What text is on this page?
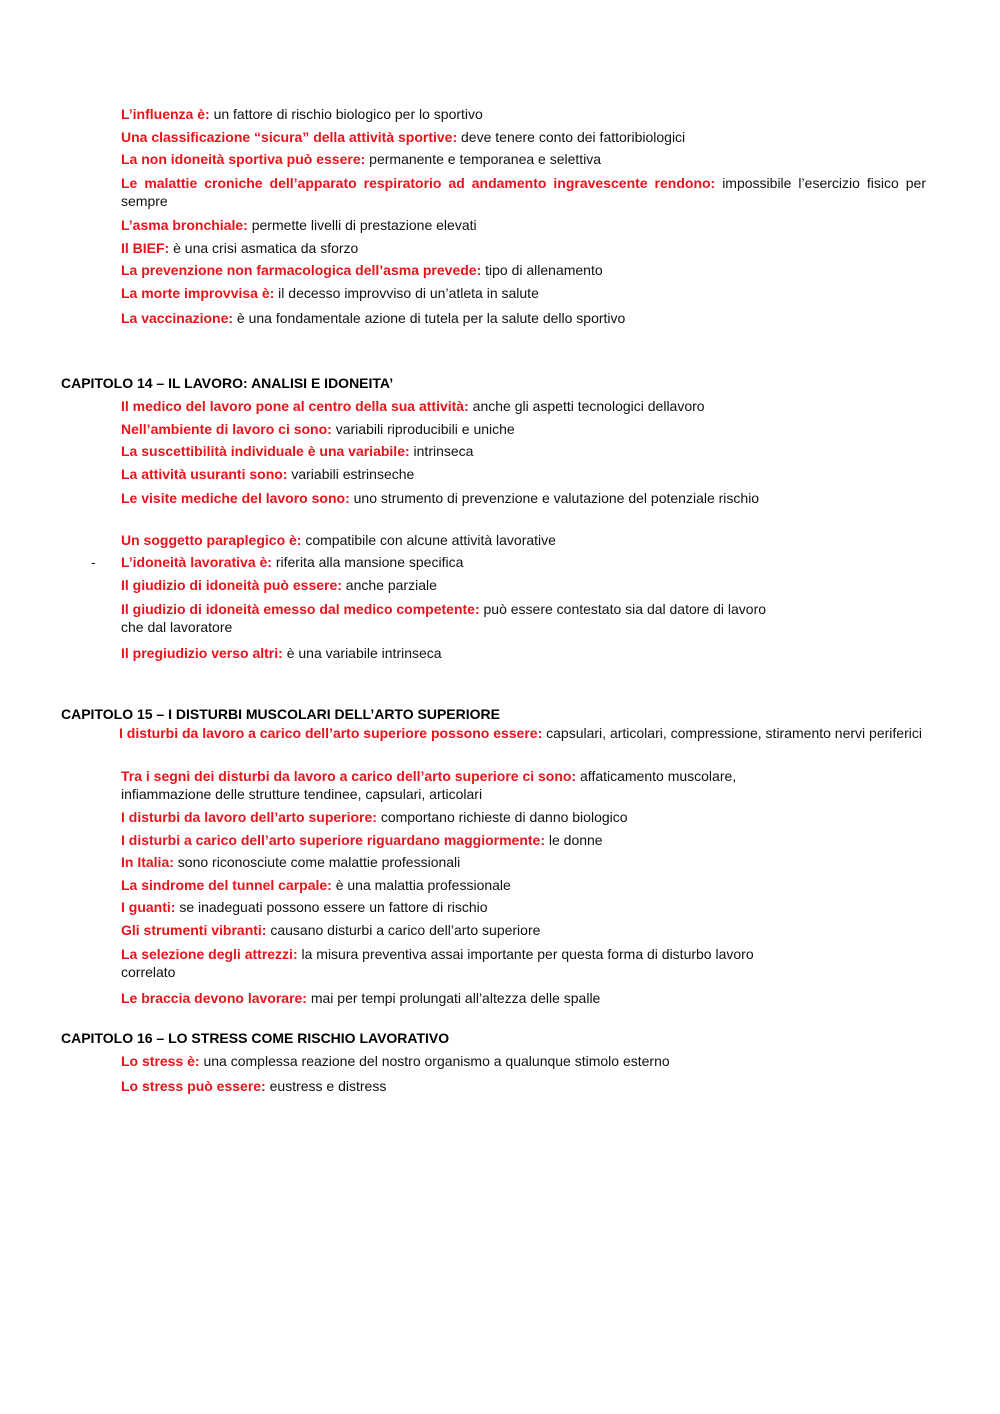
L’influenza è: un fattore di rischio biologico per lo sportivo

Una classificazione “sicura” della attività sportive: deve tenere conto dei fattoribiologici

La non idoneità sportiva può essere: permanente e temporanea e selettiva

Le malattie croniche dell’apparato respiratorio ad andamento ingravescente rendono: impossibile l’esercizio fisico per sempre

L’asma bronchiale: permette livelli di prestazione elevati

Il BIEF: è una crisi asmatica da sforzo

La prevenzione non farmacologica dell’asma prevede: tipo di allenamento

La morte improvvisa è: il decesso improvviso di un’atleta in salute

La vaccinazione: è una fondamentale azione di tutela per la salute dello sportivo

CAPITOLO 14 – IL LAVORO: ANALISI E IDONEITA’

Il medico del lavoro pone al centro della sua attività: anche gli aspetti tecnologici dellavoro

Nell’ambiente di lavoro ci sono: variabili riproducibili e uniche

La suscettibilità individuale è una variabile: intrinseca

La attività usuranti sono: variabili estrinseche

Le visite mediche del lavoro sono: uno strumento di prevenzione e valutazione del potenziale rischio

Un soggetto paraplegico è: compatibile con alcune attività lavorative

- L’idoneità lavorativa è: riferita alla mansione specifica

Il giudizio di idoneità può essere: anche parziale

Il giudizio di idoneità emesso dal medico competente: può essere contestato sia dal datore di lavoro che dal lavoratore

Il pregiudizio verso altri: è una variabile intrinseca

CAPITOLO 15 – I DISTURBI MUSCOLARI DELL’ARTO SUPERIORE

I disturbi da lavoro a carico dell’arto superiore possono essere: capsulari, articolari, compressione, stiramento nervi periferici

Tra i segni dei disturbi da lavoro a carico dell’arto superiore ci sono: affaticamento muscolare, infiammazione delle strutture tendinee, capsulari, articolari

I disturbi da lavoro dell’arto superiore: comportano richieste di danno biologico

I disturbi a carico dell’arto superiore riguardano maggiormente: le donne

In Italia: sono riconosciute come malattie professionali

La sindrome del tunnel carpale: è una malattia professionale

I guanti: se inadeguati possono essere un fattore di rischio

Gli strumenti vibranti: causano disturbi a carico dell’arto superiore

La selezione degli attrezzi: la misura preventiva assai importante per questa forma di disturbo lavoro correlato

Le braccia devono lavorare: mai per tempi prolungati all’altezza delle spalle

CAPITOLO 16 – LO STRESS COME RISCHIO LAVORATIVO

Lo stress è: una complessa reazione del nostro organismo a qualunque stimolo esterno

Lo stress può essere: eustress e distress
